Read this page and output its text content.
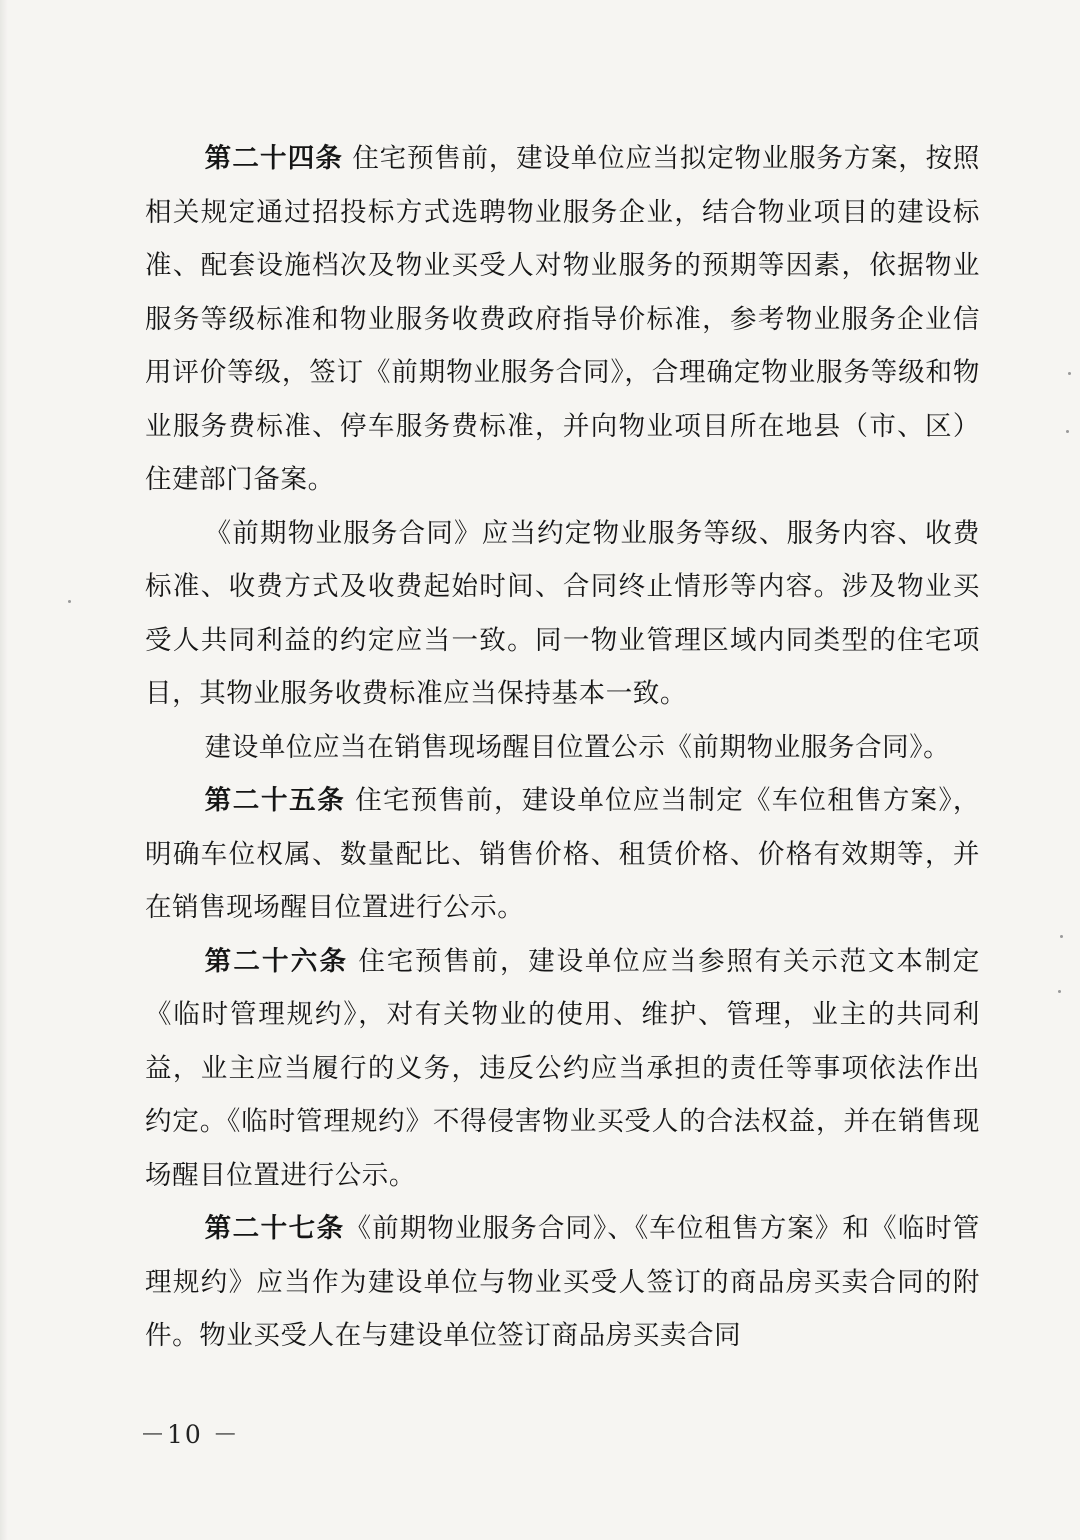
第二十四条 住宅预售前，建设单位应当拟定物业服务方案，按照相关规定通过招投标方式选聘物业服务企业，结合物业项目的建设标准、配套设施档次及物业买受人对物业服务的预期等因素，依据物业服务等级标准和物业服务收费政府指导价标准，参考物业服务企业信用评价等级，签订《前期物业服务合同》，合理确定物业服务等级和物业服务费标准、停车服务费标准，并向物业项目所在地县（市、区）住建部门备案。

《前期物业服务合同》应当约定物业服务等级、服务内容、收费标准、收费方式及收费起始时间、合同终止情形等内容。涉及物业买受人共同利益的约定应当一致。同一物业管理区域内同类型的住宅项目，其物业服务收费标准应当保持基本一致。

建设单位应当在销售现场醒目位置公示《前期物业服务合同》。

第二十五条 住宅预售前，建设单位应当制定《车位租售方案》，明确车位权属、数量配比、销售价格、租赁价格、价格有效期等，并在销售现场醒目位置进行公示。

第二十六条 住宅预售前，建设单位应当参照有关示范文本制定《临时管理规约》，对有关物业的使用、维护、管理，业主的共同利益，业主应当履行的义务，违反公约应当承担的责任等事项依法作出约定。《临时管理规约》不得侵害物业买受人的合法权益，并在销售现场醒目位置进行公示。

第二十七条《前期物业服务合同》、《车位租售方案》和《临时管理规约》应当作为建设单位与物业买受人签订的商品房买卖合同的附件。物业买受人在与建设单位签订商品房买卖合同

－10 －
